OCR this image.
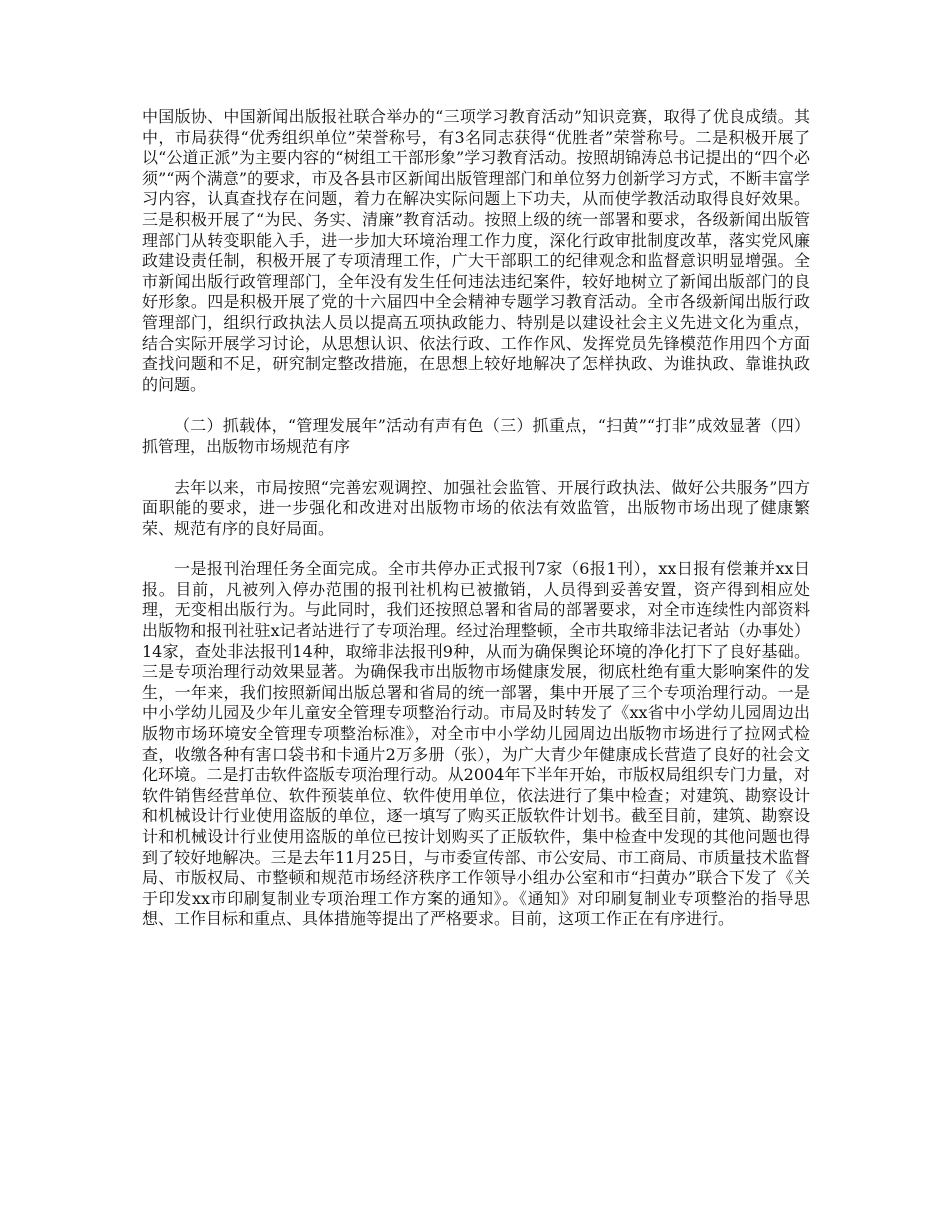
中国版协、中国新闻出版报社联合举办的“三项学习教育活动”知识竞赛，取得了优良成绩。其中，市局获得“优秀组织单位”荣誉称号，有3名同志获得“优胜者”荣誉称号。二是积极开展了以“公道正派”为主要内容的“树组工干部形象”学习教育活动。按照胡锦涛总书记提出的“四个必须”“两个满意”的要求，市及各县市区新闻出版管理部门和单位努力创新学习方式，不断丰富学习内容，认真查找存在问题，着力在解决实际问题上下功夫，从而使学教活动取得良好效果。三是积极开展了“为民、务实、清廉”教育活动。按照上级的统一部署和要求，各级新闻出版管理部门从转变职能入手，进一步加大环境治理工作力度，深化行政审批制度改革，落实党风廉政建设责任制，积极开展了专项清理工作，广大干部职工的纪律观念和监督意识明显增强。全市新闻出版行政管理部门，全年没有发生任何违法违纪案件，较好地树立了新闻出版部门的良好形象。四是积极开展了党的十六届四中全会精神专题学习教育活动。全市各级新闻出版行政管理部门，组织行政执法人员以提高五项执政能力、特别是以建设社会主义先进文化为重点，结合实际开展学习讨论，从思想认识、依法行政、工作作风、发挥党员先锋模范作用四个方面查找问题和不足，研究制定整改措施，在思想上较好地解决了怎样执政、为谁执政、靠谁执政的问题。

（二）抓载体，“管理发展年”活动有声有色（三）抓重点，“扫黄”“打非”成效显著（四）抓管理，出版物市场规范有序

去年以来，市局按照“完善宏观调控、加强社会监管、开展行政执法、做好公共服务”四方面职能的要求，进一步强化和改进对出版物市场的依法有效监管，出版物市场出现了健康繁荣、规范有序的良好局面。

一是报刊治理任务全面完成。全市共停办正式报刊7家（6报1刊），xx日报有偿兼并xx日报。目前，凡被列入停办范围的报刊社机构已被撤销，人员得到妥善安置，资产得到相应处理，无变相出版行为。与此同时，我们还按照总署和省局的部署要求，对全市连续性内部资料出版物和报刊社驻x记者站进行了专项治理。经过治理整顿，全市共取缔非法记者站（办事处）14家，查处非法报刊14种，取缔非法报刊9种，从而为确保舆论环境的净化打下了良好基础。三是专项治理行动效果显著。为确保我市出版物市场健康发展，彻底杜绝有重大影响案件的发生，一年来，我们按照新闻出版总署和省局的统一部署，集中开展了三个专项治理行动。一是中小学幼儿园及少年儿童安全管理专项整治行动。市局及时转发了《xx省中小学幼儿园周边出版物市场环境安全管理专项整治标准》，对全市中小学幼儿园周边出版物市场进行了拉网式检查，收缴各种有害口袋书和卡通片2万多册（张），为广大青少年健康成长营造了良好的社会文化环境。二是打击软件盗版专项治理行动。从2004年下半年开始，市版权局组织专门力量，对软件销售经营单位、软件预装单位、软件使用单位，依法进行了集中检查；对建筑、勘察设计和机械设计行业使用盗版的单位，逐一填写了购买正版软件计划书。截至目前，建筑、勘察设计和机械设计行业使用盗版的单位已按计划购买了正版软件，集中检查中发现的其他问题也得到了较好地解决。三是去年11月25日，与市委宣传部、市公安局、市工商局、市质量技术监督局、市版权局、市整顿和规范市场经济秩序工作领导小组办公室和市“扫黄办”联合下发了《关于印发xx市印刷复制业专项治理工作方案的通知》。《通知》对印刷复制业专项整治的指导思想、工作目标和重点、具体措施等提出了严格要求。目前，这项工作正在有序进行。
